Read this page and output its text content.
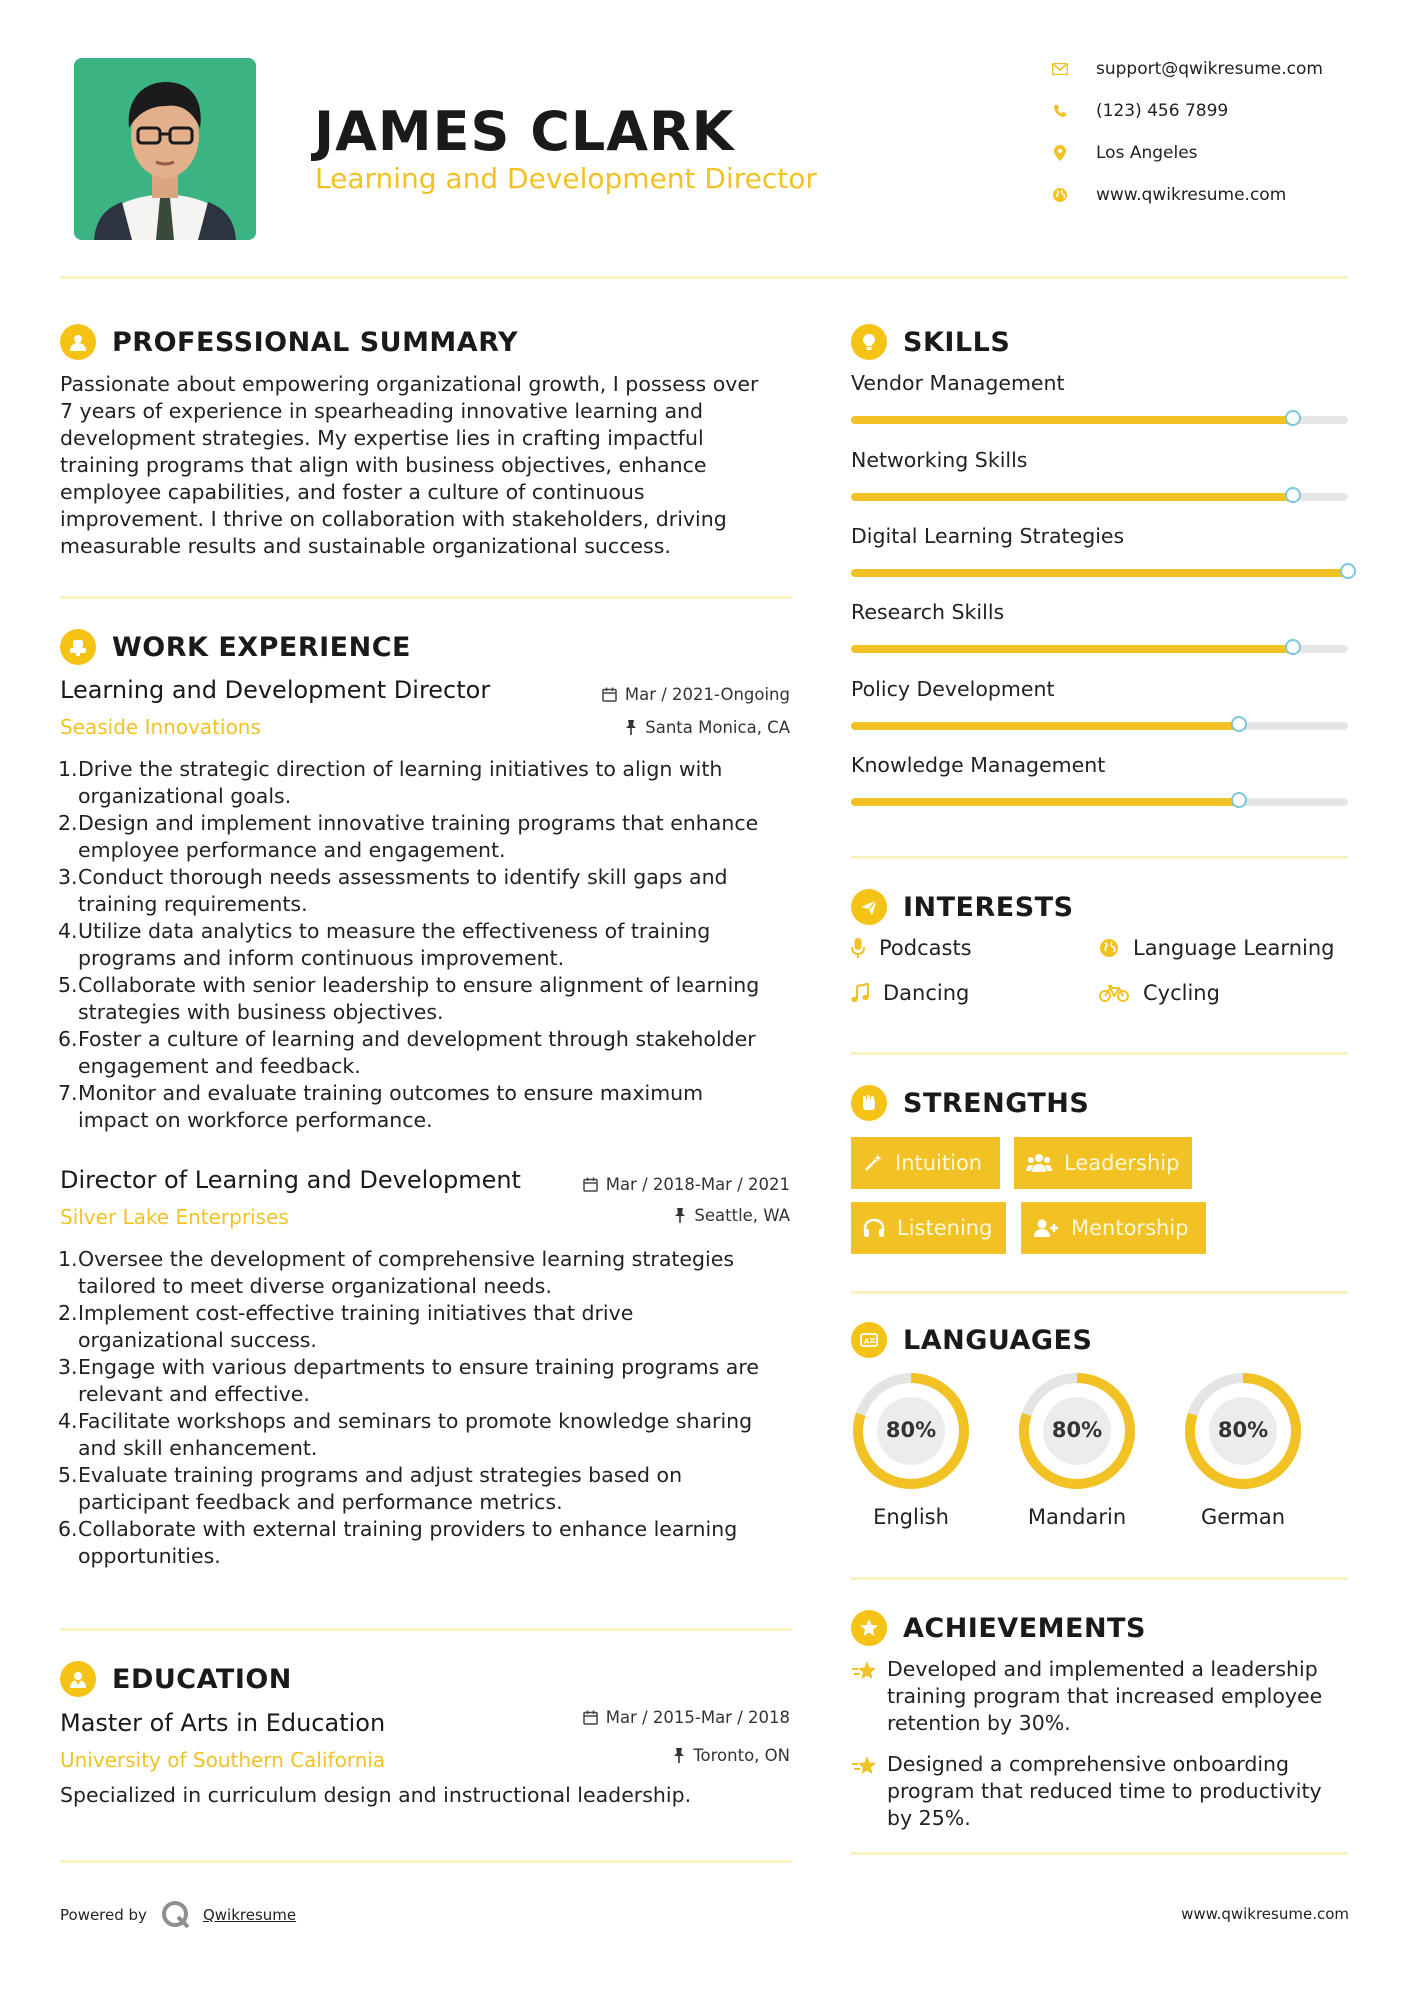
JAMES CLARK
Learning and Development Director
support@qwikresume.com
(123) 456 7899
Los Angeles
www.qwikresume.com
PROFESSIONAL SUMMARY
Passionate about empowering organizational growth, I possess over
7 years of experience in spearheading innovative learning and
development strategies. My expertise lies in crafting impactful
training programs that align with business objectives, enhance
employee capabilities, and foster a culture of continuous
improvement. I thrive on collaboration with stakeholders, driving
measurable results and sustainable organizational success.
WORK EXPERIENCE
Learning and Development Director
Seaside Innovations
Mar / 2021-Ongoing
Santa Monica, CA
1. Drive the strategic direction of learning initiatives to align with
organizational goals.
2. Design and implement innovative training programs that enhance
employee performance and engagement.
3. Conduct thorough needs assessments to identify skill gaps and
training requirements.
4. Utilize data analytics to measure the effectiveness of training
programs and inform continuous improvement.
5. Collaborate with senior leadership to ensure alignment of learning
strategies with business objectives.
6. Foster a culture of learning and development through stakeholder
engagement and feedback.
7. Monitor and evaluate training outcomes to ensure maximum
impact on workforce performance.
Director of Learning and Development
Silver Lake Enterprises
Mar / 2018-Mar / 2021
Seattle, WA
1. Oversee the development of comprehensive learning strategies
tailored to meet diverse organizational needs.
2. Implement cost-effective training initiatives that drive
organizational success.
3. Engage with various departments to ensure training programs are
relevant and effective.
4. Facilitate workshops and seminars to promote knowledge sharing
and skill enhancement.
5. Evaluate training programs and adjust strategies based on
participant feedback and performance metrics.
6. Collaborate with external training providers to enhance learning
opportunities.
EDUCATION
Master of Arts in Education
University of Southern California
Mar / 2015-Mar / 2018
Toronto, ON
Specialized in curriculum design and instructional leadership.
SKILLS
Vendor Management
Networking Skills
Digital Learning Strategies
Research Skills
Policy Development
Knowledge Management
INTERESTS
Podcasts	Language Learning
Dancing	Cycling
STRENGTHS
Intuition	Leadership
Listening	Mentorship
A LANGUAGES
80%
English
80%
Mandarin
80%
German
ACHIEVEMENTS
Developed and implemented a leadership
training program that increased employee
retention by 30%.
Designed a comprehensive onboarding
program that reduced time to productivity
by 25%.
Powered by	Qwikresume	www.qwikresume.com
